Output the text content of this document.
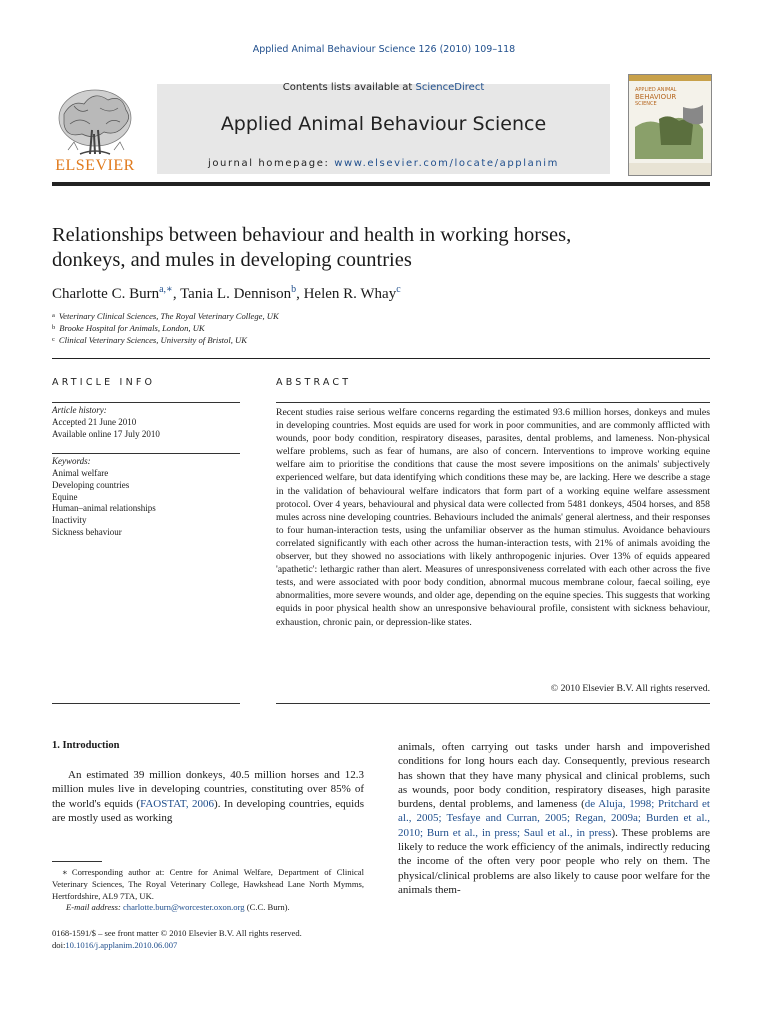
Applied Animal Behaviour Science 126 (2010) 109–118
Contents lists available at ScienceDirect
Applied Animal Behaviour Science
journal homepage: www.elsevier.com/locate/applanim
ELSEVIER
APPLIED ANIMAL
BEHAVIOUR
SCIENCE
Relationships between behaviour and health in working horses,
donkeys, and mules in developing countries
Charlotte C. Burn$^{a,∗}$, Tania L. Dennison$^b$, Helen R. Whay$^c$
$^a$ Veterinary Clinical Sciences, The Royal Veterinary College, UK
$^b$ Brooke Hospital for Animals, London, UK
$^c$ Clinical Veterinary Sciences, University of Bristol, UK
ARTICLE INFO
Article history:
Accepted 21 June 2010
Available online 17 July 2010
Keywords:
Animal welfare
Developing countries
Equine
Human–animal relationships
Inactivity
Sickness behaviour
ABSTRACT
Recent studies raise serious welfare concerns regarding the estimated 93.6 million horses, donkeys and mules in developing countries. Most equids are used for work in poor communities, and are commonly afflicted with wounds, poor body condition, respiratory diseases, parasites, dental problems, and lameness. Non-physical welfare problems, such as fear of humans, are also of concern. Interventions to improve working equine welfare aim to prioritise the conditions that cause the most severe impositions on the animals' subjectively experienced welfare, but data identifying which conditions these may be, are lacking. Here we describe a stage in the validation of behavioural welfare indicators that form part of a working equine welfare assessment protocol. Over 4 years, behavioural and physical data were collected from 5481 donkeys, 4504 horses, and 858 mules across nine developing countries. Behaviours included the animals' general alertness, and their responses to four human-interaction tests, using the unfamiliar observer as the human stimulus. Avoidance behaviours correlated significantly with each other across the human-interaction tests, with 21% of animals avoiding the observer, but they showed no associations with likely anthropogenic injuries. Over 13% of equids appeared 'apathetic': lethargic rather than alert. Measures of unresponsiveness correlated with each other across the five tests, and were associated with poor body condition, abnormal mucous membrane colour, faecal soiling, eye abnormalities, more severe wounds, and older age, depending on the equine species. This suggests that working equids in poor physical health show an unresponsive behavioural profile, consistent with sickness behaviour, exhaustion, chronic pain, or depression-like states.
© 2010 Elsevier B.V. All rights reserved.
1. Introduction
An estimated 39 million donkeys, 40.5 million horses and 12.3 million mules live in developing countries, constituting over 85% of the world's equids (FAOSTAT, 2006). In developing countries, equids are mostly used as working
animals, often carrying out tasks under harsh and impoverished conditions for long hours each day. Consequently, previous research has shown that they have many physical and clinical problems, such as wounds, poor body condition, respiratory diseases, high parasite burdens, dental problems, and lameness (de Aluja, 1998; Pritchard et al., 2005; Tesfaye and Curran, 2005; Regan, 2009a; Burden et al., 2010; Burn et al., in press; Saul et al., in press). These problems are likely to reduce the work efficiency of the animals, indirectly reducing the income of the often very poor people who rely on them. The physical/clinical problems are also likely to cause poor welfare for the animals them-
∗ Corresponding author at: Centre for Animal Welfare, Department of Clinical Veterinary Sciences, The Royal Veterinary College, Hawkshead Lane North Mymms, Hertfordshire, AL9 7TA, UK.
E-mail address: charlotte.burn@worcester.oxon.org (C.C. Burn).
0168-1591/$ – see front matter © 2010 Elsevier B.V. All rights reserved.
doi:10.1016/j.applanim.2010.06.007
